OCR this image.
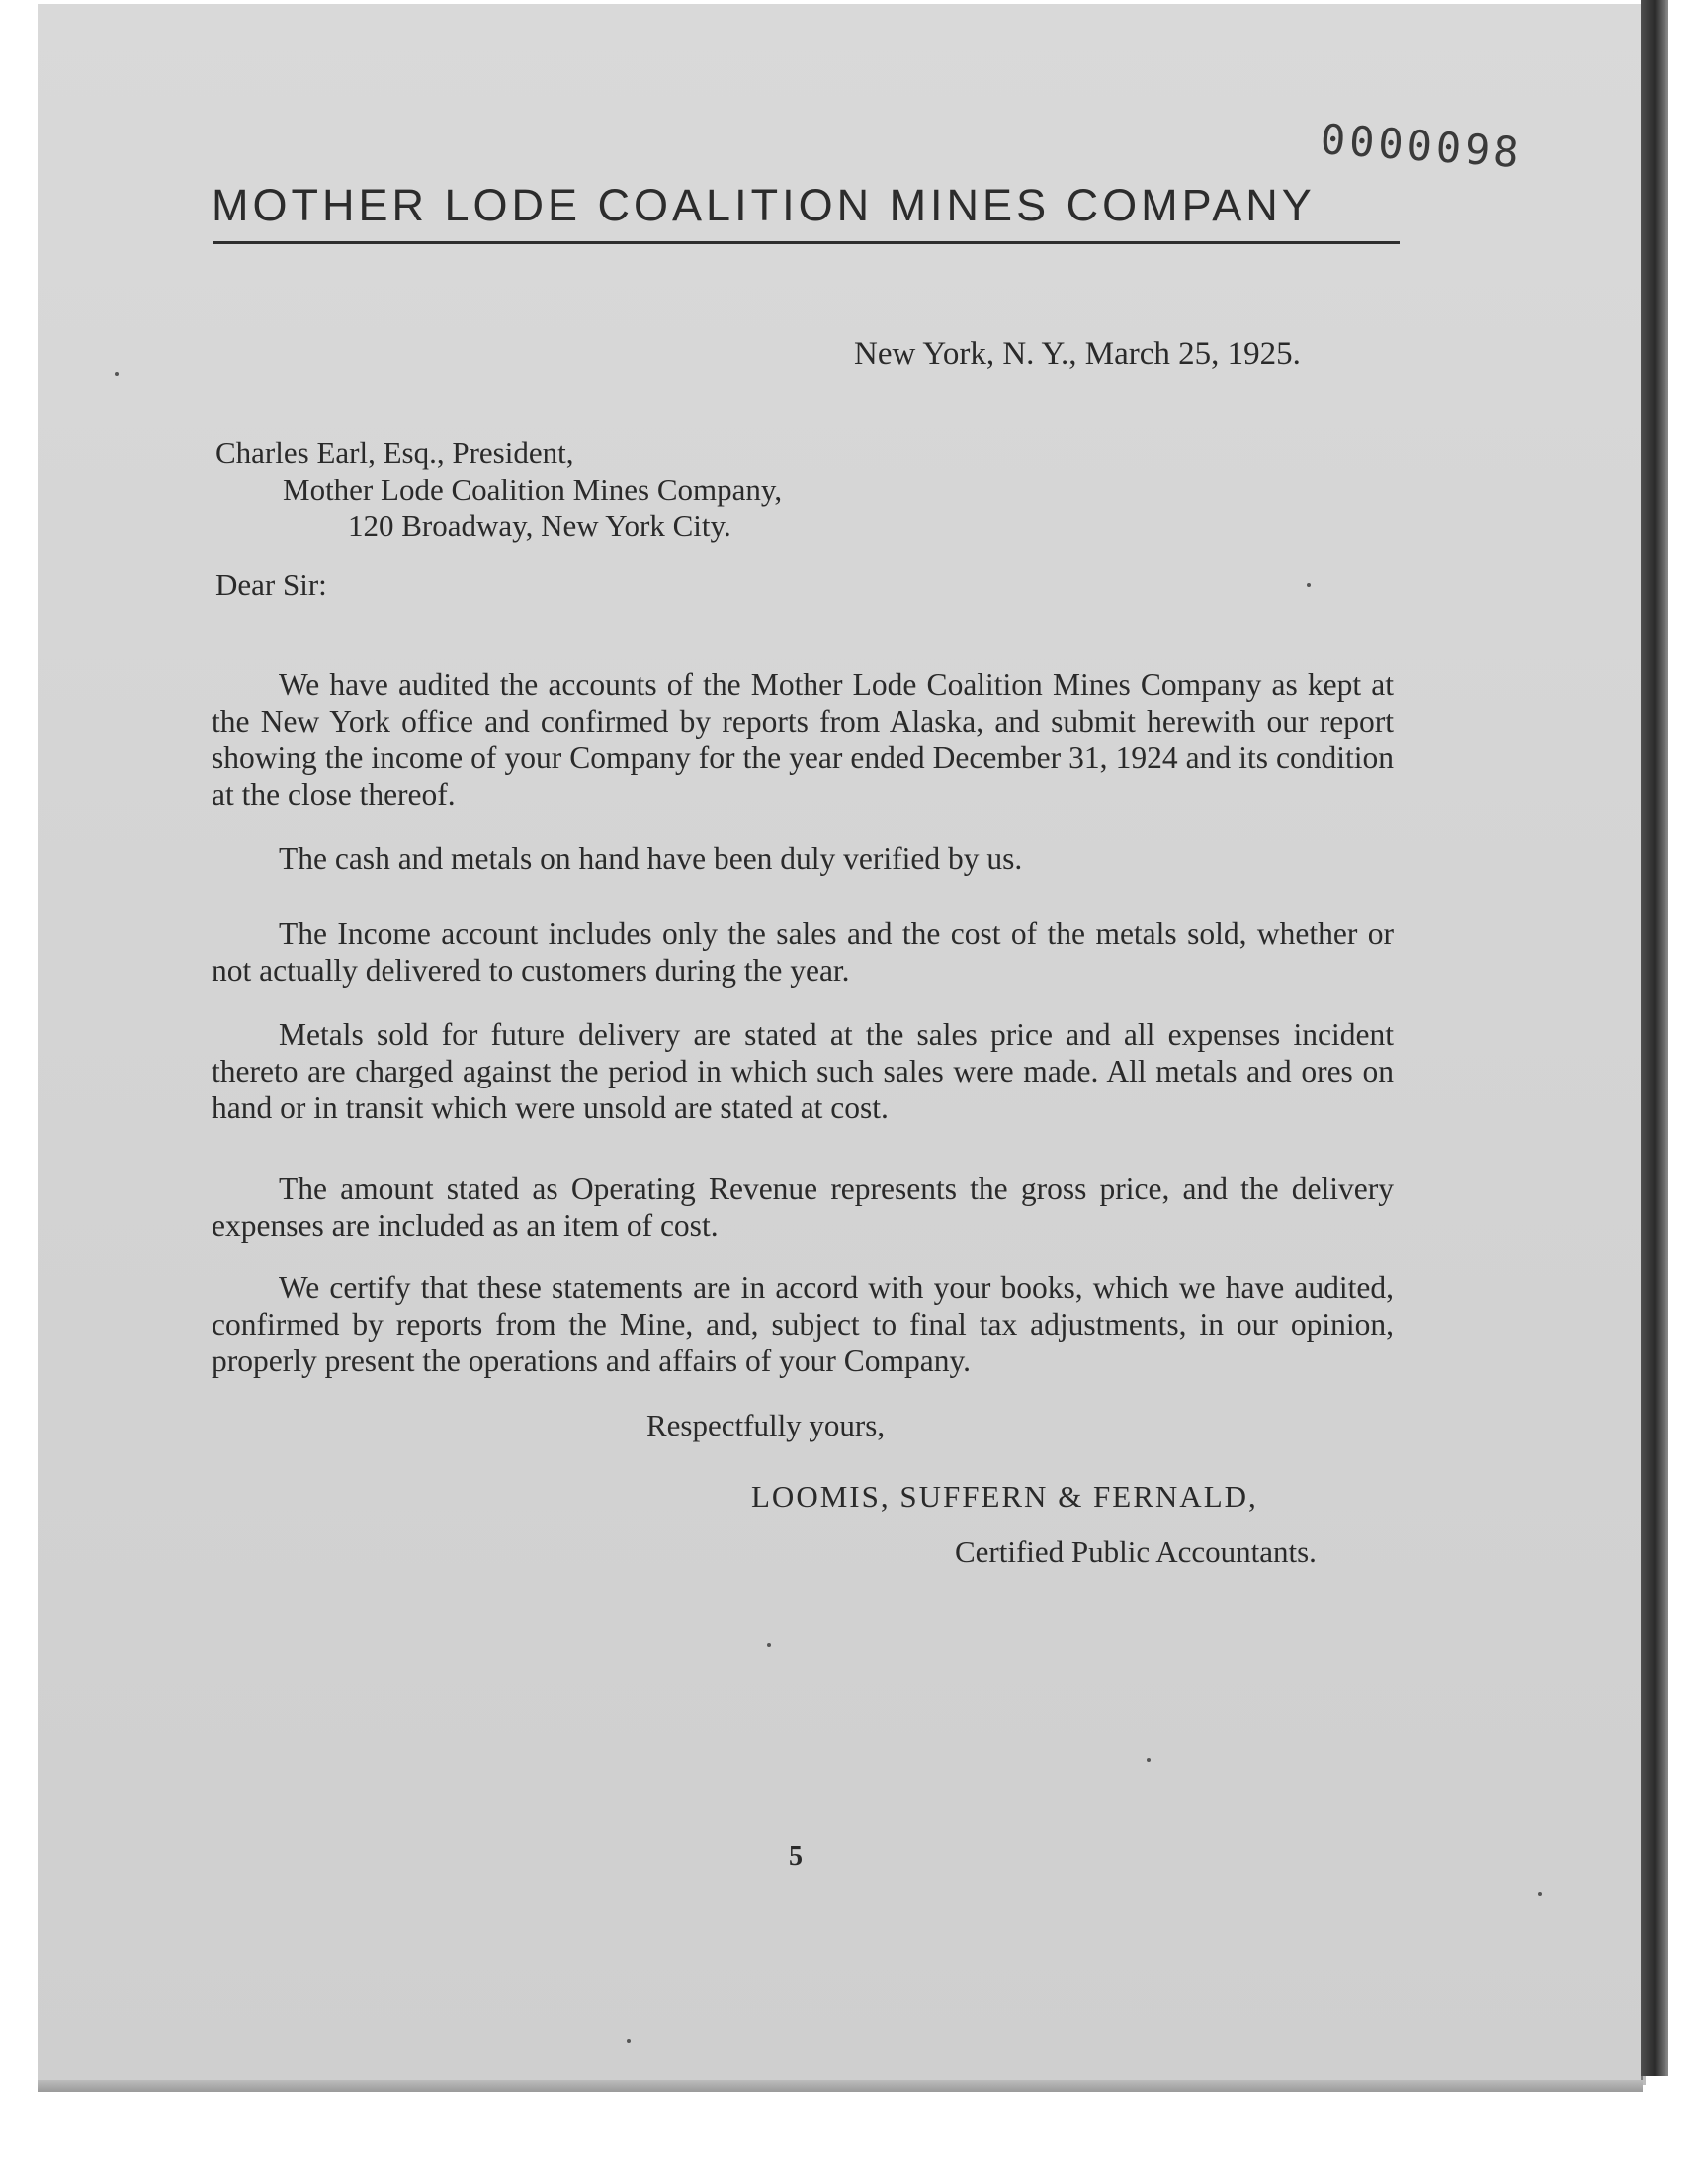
0000098
MOTHER LODE COALITION MINES COMPANY
New York, N. Y., March 25, 1925.
Charles Earl, Esq., President,
Mother Lode Coalition Mines Company,
120 Broadway, New York City.
Dear Sir:

We have audited the accounts of the Mother Lode Coalition Mines Company as kept at the New York office and confirmed by reports from Alaska, and submit herewith our report showing the income of your Company for the year ended December 31, 1924 and its condition at the close thereof.

The cash and metals on hand have been duly verified by us.

The Income account includes only the sales and the cost of the metals sold, whether or not actually delivered to customers during the year.

Metals sold for future delivery are stated at the sales price and all expenses incident thereto are charged against the period in which such sales were made. All metals and ores on hand or in transit which were unsold are stated at cost.

The amount stated as Operating Revenue represents the gross price, and the delivery expenses are included as an item of cost.

We certify that these statements are in accord with your books, which we have audited, confirmed by reports from the Mine, and, subject to final tax adjustments, in our opinion, properly present the operations and affairs of your Company.

Respectfully yours,
LOOMIS, SUFFERN & FERNALD,
Certified Public Accountants.
5
